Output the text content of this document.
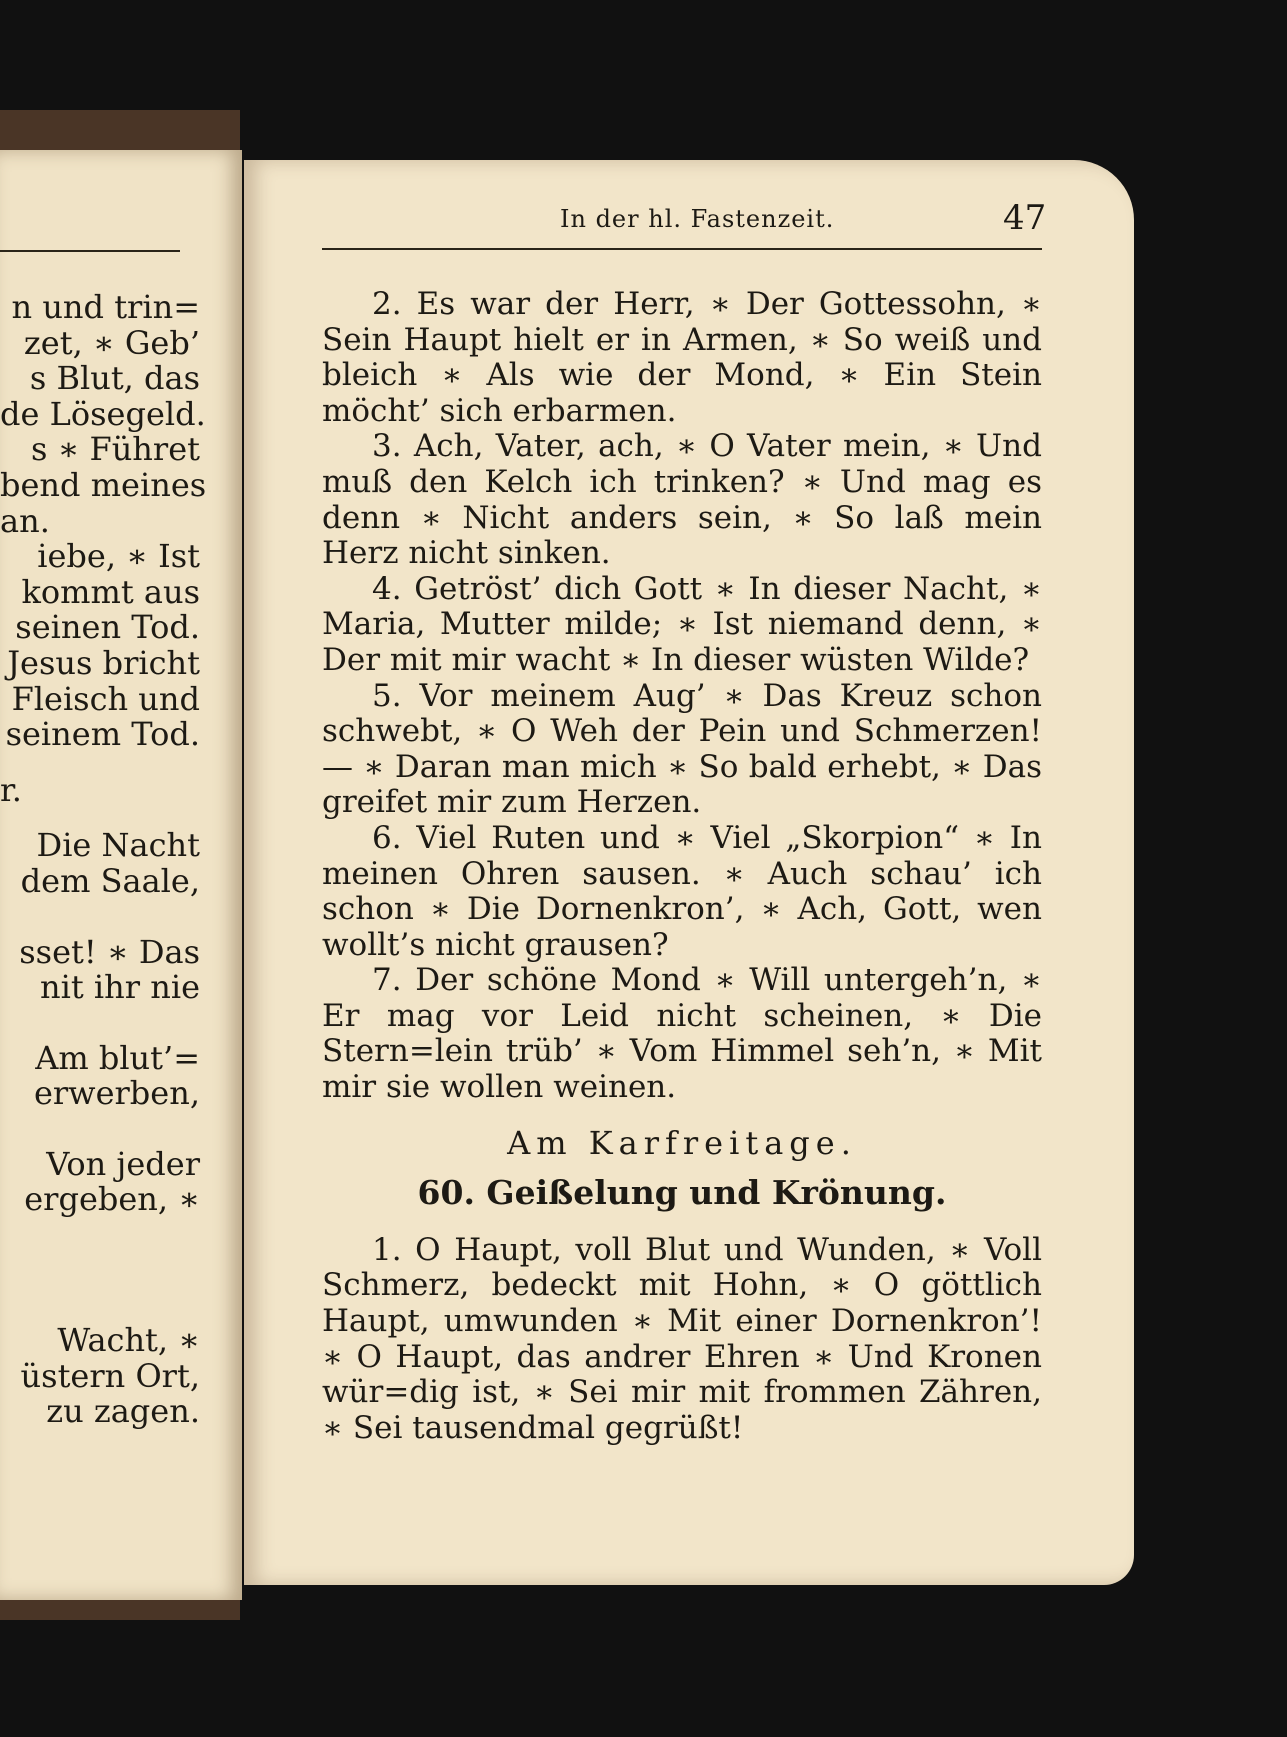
n und trin=
zet, ∗ Geb’
s Blut, das
de Lösegeld.
s ∗ Führet
bend meines
an.
iebe, ∗ Ist
kommt aus
seinen Tod.
Jesus bricht
Fleisch und
seinem Tod.
r.
Die Nacht
dem Saale,
sset! ∗ Das
nit ihr nie
Am blut’=
erwerben,
Von jeder
ergeben, ∗
Wacht, ∗
üstern Ort,
zu zagen.
In der hl. Fastenzeit.	47

2. Es war der Herr, ∗ Der Gottessohn, ∗ Sein Haupt hielt er in Armen, ∗ So weiß und bleich ∗ Als wie der Mond, ∗ Ein Stein möcht’ sich erbarmen.

3. Ach, Vater, ach, ∗ O Vater mein, ∗ Und muß den Kelch ich trinken? ∗ Und mag es denn ∗ Nicht anders sein, ∗ So laß mein Herz nicht sinken.

4. Getröst’ dich Gott ∗ In dieser Nacht, ∗ Maria, Mutter milde; ∗ Ist niemand denn, ∗ Der mit mir wacht ∗ In dieser wüsten Wilde?

5. Vor meinem Aug’ ∗ Das Kreuz schon schwebt, ∗ O Weh der Pein und Schmerzen! — ∗ Daran man mich ∗ So bald erhebt, ∗ Das greifet mir zum Herzen.

6. Viel Ruten und ∗ Viel „Skorpion“ ∗ In meinen Ohren sausen. ∗ Auch schau’ ich schon ∗ Die Dornenkron’, ∗ Ach, Gott, wen wollt’s nicht grausen?

7. Der schöne Mond ∗ Will untergeh’n, ∗ Er mag vor Leid nicht scheinen, ∗ Die Stern=lein trüb’ ∗ Vom Himmel seh’n, ∗ Mit mir sie wollen weinen.

Am Karfreitage.
60. Geißelung und Krönung.

1. O Haupt, voll Blut und Wunden, ∗ Voll Schmerz, bedeckt mit Hohn, ∗ O göttlich Haupt, umwunden ∗ Mit einer Dornenkron’! ∗ O Haupt, das andrer Ehren ∗ Und Kronen wür=dig ist, ∗ Sei mir mit frommen Zähren, ∗ Sei tausendmal gegrüßt!
